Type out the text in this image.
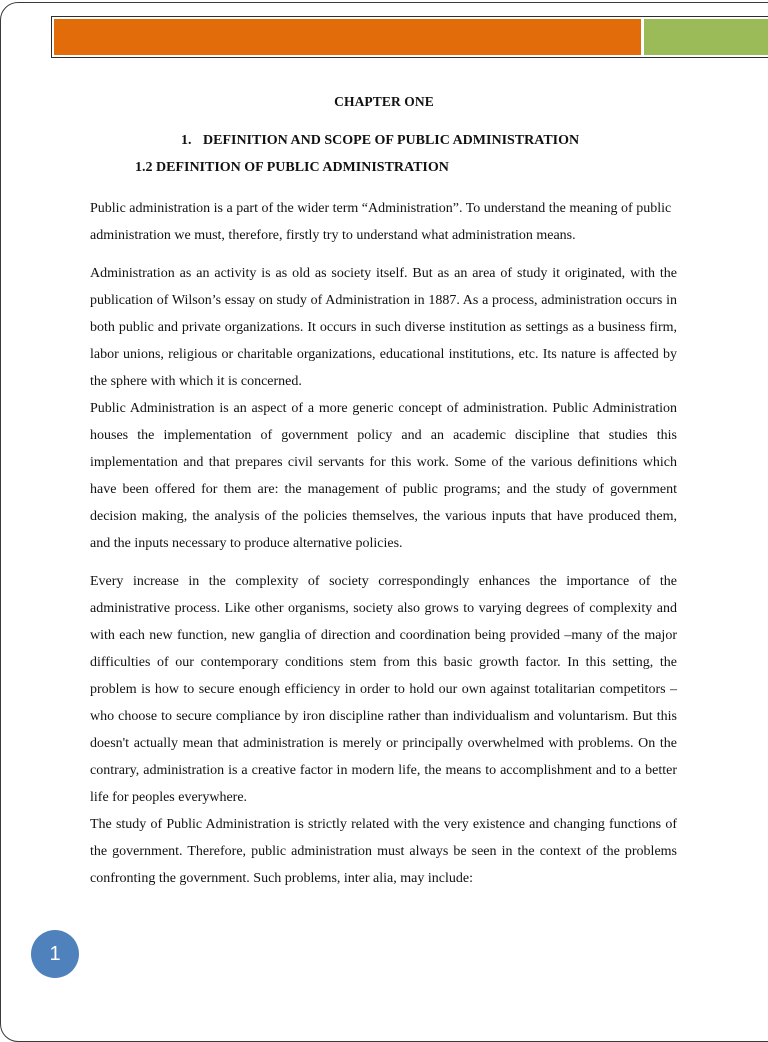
CHAPTER ONE
1. DEFINITION AND SCOPE OF PUBLIC ADMINISTRATION
1.2 DEFINITION OF PUBLIC ADMINISTRATION
Public administration is a part of the wider term “Administration”. To understand the meaning of public administration we must, therefore, firstly try to understand what administration means.
Administration as an activity is as old as society itself. But as an area of study it originated, with the publication of Wilson’s essay on study of Administration in 1887. As a process, administration occurs in both public and private organizations. It occurs in such diverse institution as settings as a business firm, labor unions, religious or charitable organizations, educational institutions, etc. Its nature is affected by the sphere with which it is concerned.
Public Administration is an aspect of a more generic concept of administration. Public Administration houses the implementation of government policy and an academic discipline that studies this implementation and that prepares civil servants for this work. Some of the various definitions which have been offered for them are: the management of public programs; and the study of government decision making, the analysis of the policies themselves, the various inputs that have produced them, and the inputs necessary to produce alternative policies.
Every increase in the complexity of society correspondingly enhances the importance of the administrative process. Like other organisms, society also grows to varying degrees of complexity and with each new function, new ganglia of direction and coordination being provided –many of the major difficulties of our contemporary conditions stem from this basic growth factor. In this setting, the problem is how to secure enough efficiency in order to hold our own against totalitarian competitors –who choose to secure compliance by iron discipline rather than individualism and voluntarism. But this doesn't actually mean that administration is merely or principally overwhelmed with problems. On the contrary, administration is a creative factor in modern life, the means to accomplishment and to a better life for peoples everywhere.
The study of Public Administration is strictly related with the very existence and changing functions of the government. Therefore, public administration must always be seen in the context of the problems confronting the government. Such problems, inter alia, may include:
1
